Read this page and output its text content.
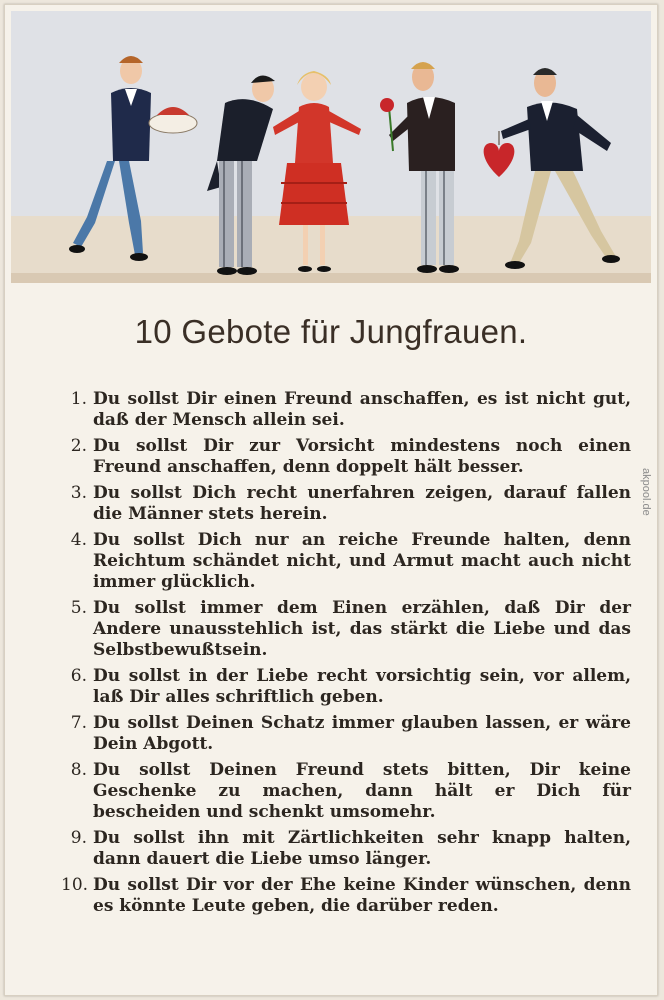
10 Gebote für Jungfrauen.
1. Du sollst Dir einen Freund anschaffen, es ist nicht gut, daß der Mensch allein sei.
2. Du sollst Dir zur Vorsicht mindestens noch einen Freund anschaffen, denn doppelt hält besser.
3. Du sollst Dich recht unerfahren zeigen, darauf fallen die Männer stets herein.
4. Du sollst Dich nur an reiche Freunde halten, denn Reichtum schändet nicht, und Armut macht auch nicht immer glücklich.
5. Du sollst immer dem Einen erzählen, daß Dir der Andere unausstehlich ist, das stärkt die Liebe und das Selbstbewußtsein.
6. Du sollst in der Liebe recht vorsichtig sein, vor allem, laß Dir alles schriftlich geben.
7. Du sollst Deinen Schatz immer glauben lassen, er wäre Dein Abgott.
8. Du sollst Deinen Freund stets bitten, Dir keine Geschenke zu machen, dann hält er Dich für bescheiden und schenkt umsomehr.
9. Du sollst ihn mit Zärtlichkeiten sehr knapp halten, dann dauert die Liebe umso länger.
10. Du sollst Dir vor der Ehe keine Kinder wünschen, denn es könnte Leute geben, die darüber reden.
akpool.de
